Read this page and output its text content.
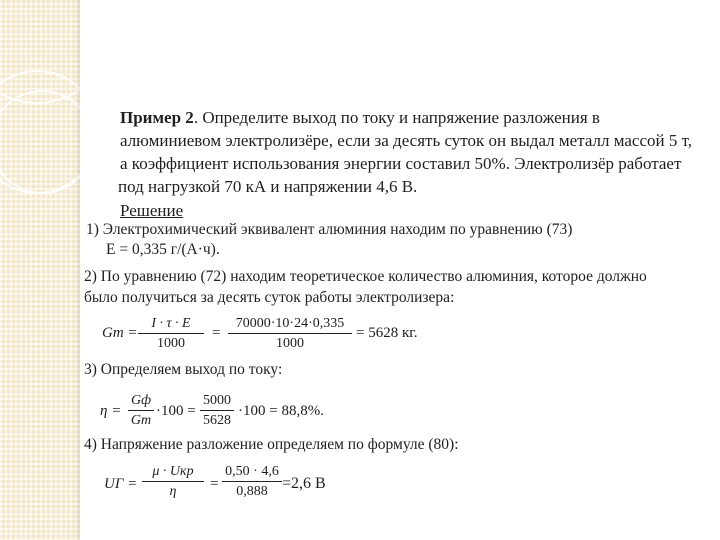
Пример 2. Определите выход по току и напряжение разложения в
алюминиевом электролизёре, если за десять суток он выдал металл массой 5 т,
а коэффициент использования энергии составил 50%. Электролизёр работает
под нагрузкой 70 кА и напряжении 4,6 В.
Решение
1) Электрохимический эквивалент алюминия находим по уравнению (73)
E = 0,335 г/(А·ч).
2) По уравнению (72) находим теоретическое количество алюминия, которое должно
было получиться за десять суток работы электролизера:
Gт =
I · τ · E
1000
=
70000·10·24·0,335
1000
= 5628 кг.
3) Определяем выход по току:
η =
Gф
Gт
·100 =
5000
5628
·100 = 88,8%.
4) Напряжение разложение определяем по формуле (80):
UГ =
μ · Uкр
η	=
0,50 · 4,6
0,888 =2,6 В
